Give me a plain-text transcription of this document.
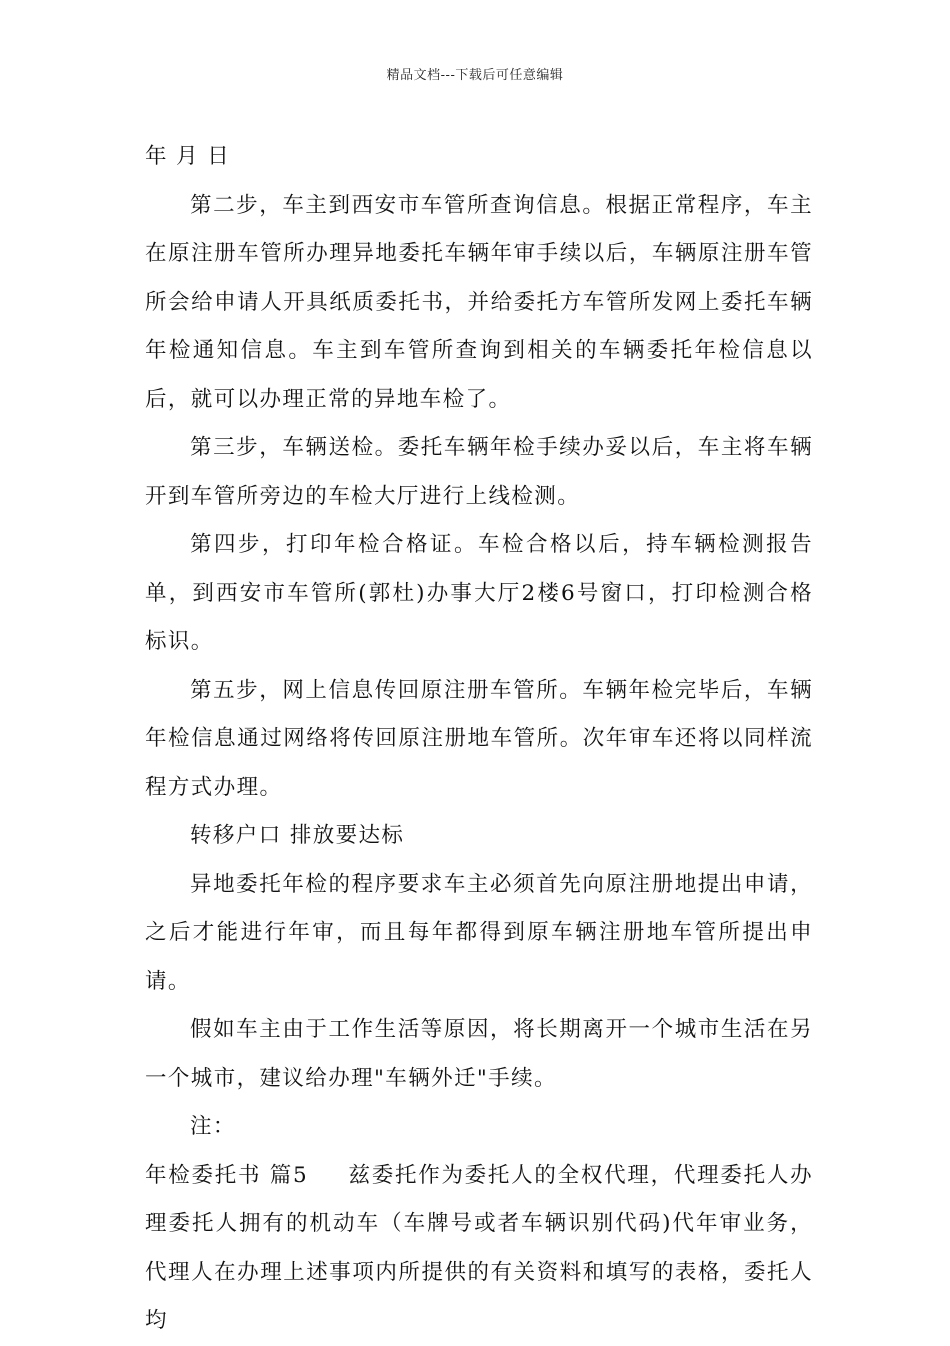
精品文档---下载后可任意编辑

年 月 日

第二步，车主到西安市车管所查询信息。根据正常程序，车主在原注册车管所办理异地委托车辆年审手续以后，车辆原注册车管所会给申请人开具纸质委托书，并给委托方车管所发网上委托车辆年检通知信息。车主到车管所查询到相关的车辆委托年检信息以后，就可以办理正常的异地车检了。

第三步，车辆送检。委托车辆年检手续办妥以后，车主将车辆开到车管所旁边的车检大厅进行上线检测。

第四步，打印年检合格证。车检合格以后，持车辆检测报告单，到西安市车管所(郭杜)办事大厅2楼6号窗口，打印检测合格标识。

第五步，网上信息传回原注册车管所。车辆年检完毕后，车辆年检信息通过网络将传回原注册地车管所。次年审车还将以同样流程方式办理。

转移户口 排放要达标

异地委托年检的程序要求车主必须首先向原注册地提出申请，之后才能进行年审，而且每年都得到原车辆注册地车管所提出申请。

假如车主由于工作生活等原因，将长期离开一个城市生活在另一个城市，建议给办理"车辆外迁"手续。

注：

年检委托书 篇5 兹委托作为委托人的全权代理，代理委托人办理委托人拥有的机动车（车牌号或者车辆识别代码)代年审业务，代理人在办理上述事项内所提供的有关资料和填写的表格，委托人均
